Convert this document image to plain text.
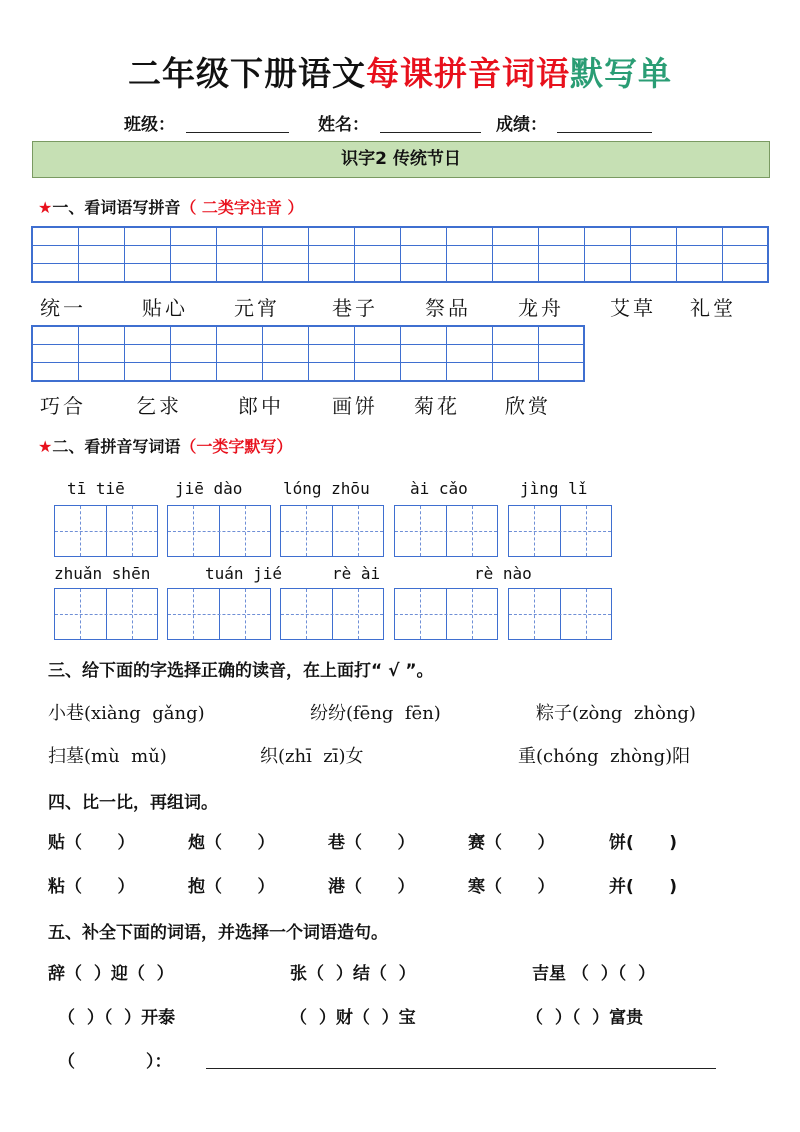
二年级下册语文每课拼音词语默写单
班级：	姓名：	成绩：
识字2 传统节日
★一、看词语写拼音（ 二类字注音 ）
统一	贴心 元宵	巷子 祭品 龙舟 艾草 礼堂
巧合	乞求	郎中 画饼 菊花 欣赏
★二、看拼音写词语（一类字默写）
tī tiē	jiē dào	lóng zhōu	ài cǎo	jìng lǐ
zhuǎn shēn	tuán jié	rè ài	rè nào
三、给下面的字选择正确的读音，在上面打“ √ ”。
小巷(xiàng  gǎng)	纷纷(fēng  fēn)	粽子(zòng  zhòng)
扫墓(mù  mǔ)	织(zhī  zī)女	重(chóng  zhòng)阳
四、比一比，再组词。
贴（      ）	炮（      ）	巷（      ）	赛（      ）	饼(      )
粘（      ）	抱（      ）	港（      ）	寒（      ）	并(      )
五、补全下面的词语，并选择一个词语造句。
辞（  ）迎（  ）	张（  ）结（  ）	吉星 （  ）（  ）
（  ）（  ）开泰	（  ）财（  ）宝	（  ）（  ）富贵
（            ）：
